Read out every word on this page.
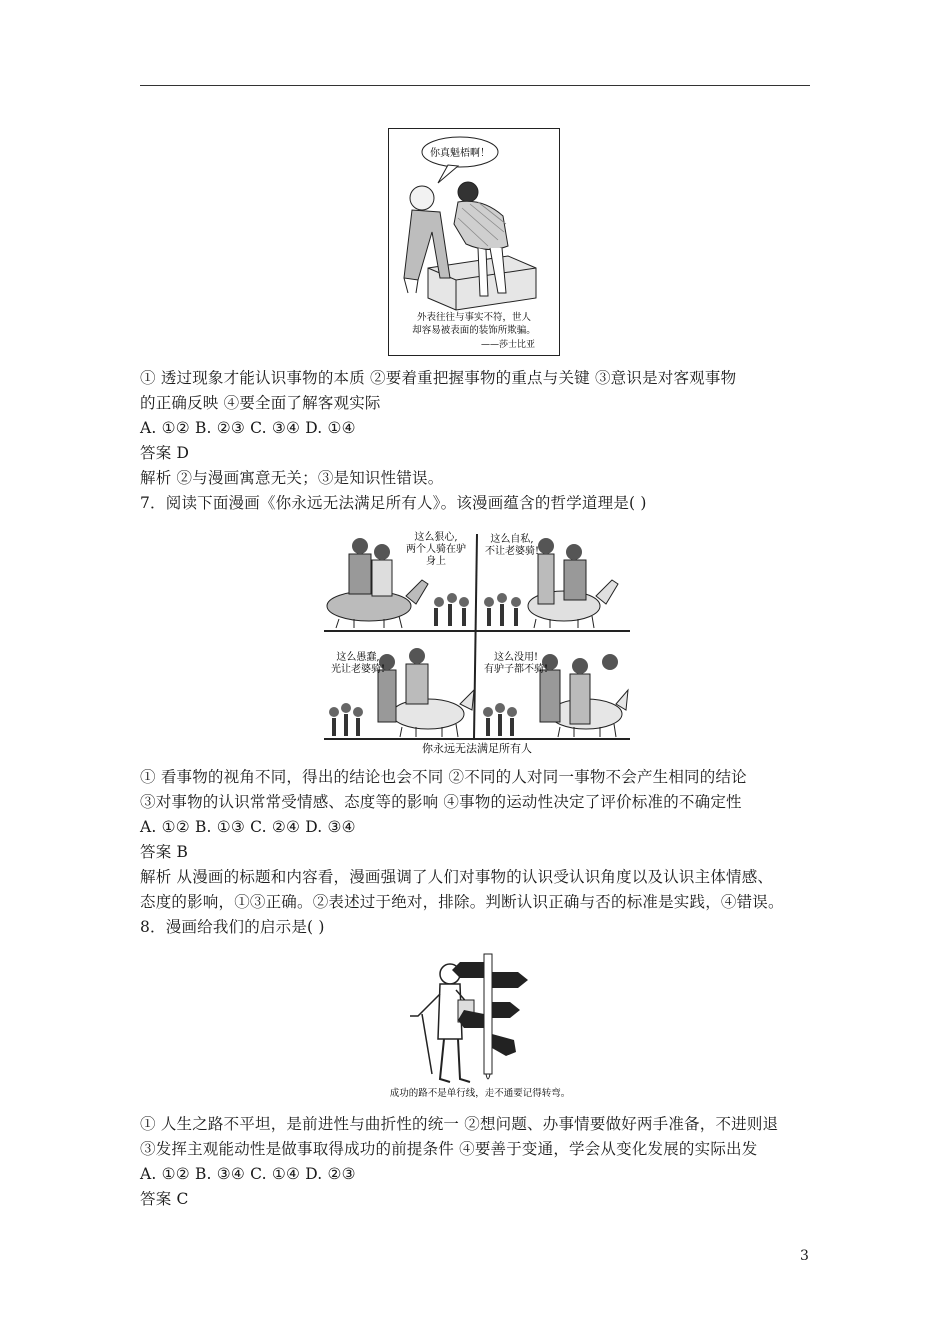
你真魁梧啊！
外表往往与事实不符，世人
却容易被表面的装饰所欺骗。
——莎士比亚
① 透过现象才能认识事物的本质 ②要着重把握事物的重点与关键 ③意识是对客观事物
的正确反映 ④要全面了解客观实际
A. ①② B. ②③ C. ③④ D. ①④
答案 D
解析 ②与漫画寓意无关；③是知识性错误。
7．阅读下面漫画《你永远无法满足所有人》。该漫画蕴含的哲学道理是( )
这么狠心,
两个人骑在驴
身上
这么自私,
不让老婆骑!
这么愚蠢,
光让老婆骑!
这么没用!
有驴子都不骑!
你永远无法满足所有人
① 看事物的视角不同，得出的结论也会不同 ②不同的人对同一事物不会产生相同的结论
③对事物的认识常常受情感、态度等的影响 ④事物的运动性决定了评价标准的不确定性
A. ①② B. ①③ C. ②④ D. ③④
答案 B
解析 从漫画的标题和内容看，漫画强调了人们对事物的认识受认识角度以及认识主体情感、
态度的影响，①③正确。②表述过于绝对，排除。判断认识正确与否的标准是实践，④错误。
8．漫画给我们的启示是( )
成功的路不是单行线，走不通要记得转弯。
① 人生之路不平坦，是前进性与曲折性的统一 ②想问题、办事情要做好两手准备，不进则退
③发挥主观能动性是做事取得成功的前提条件 ④要善于变通，学会从变化发展的实际出发
A. ①② B. ③④ C. ①④ D. ②③
答案 C
3
